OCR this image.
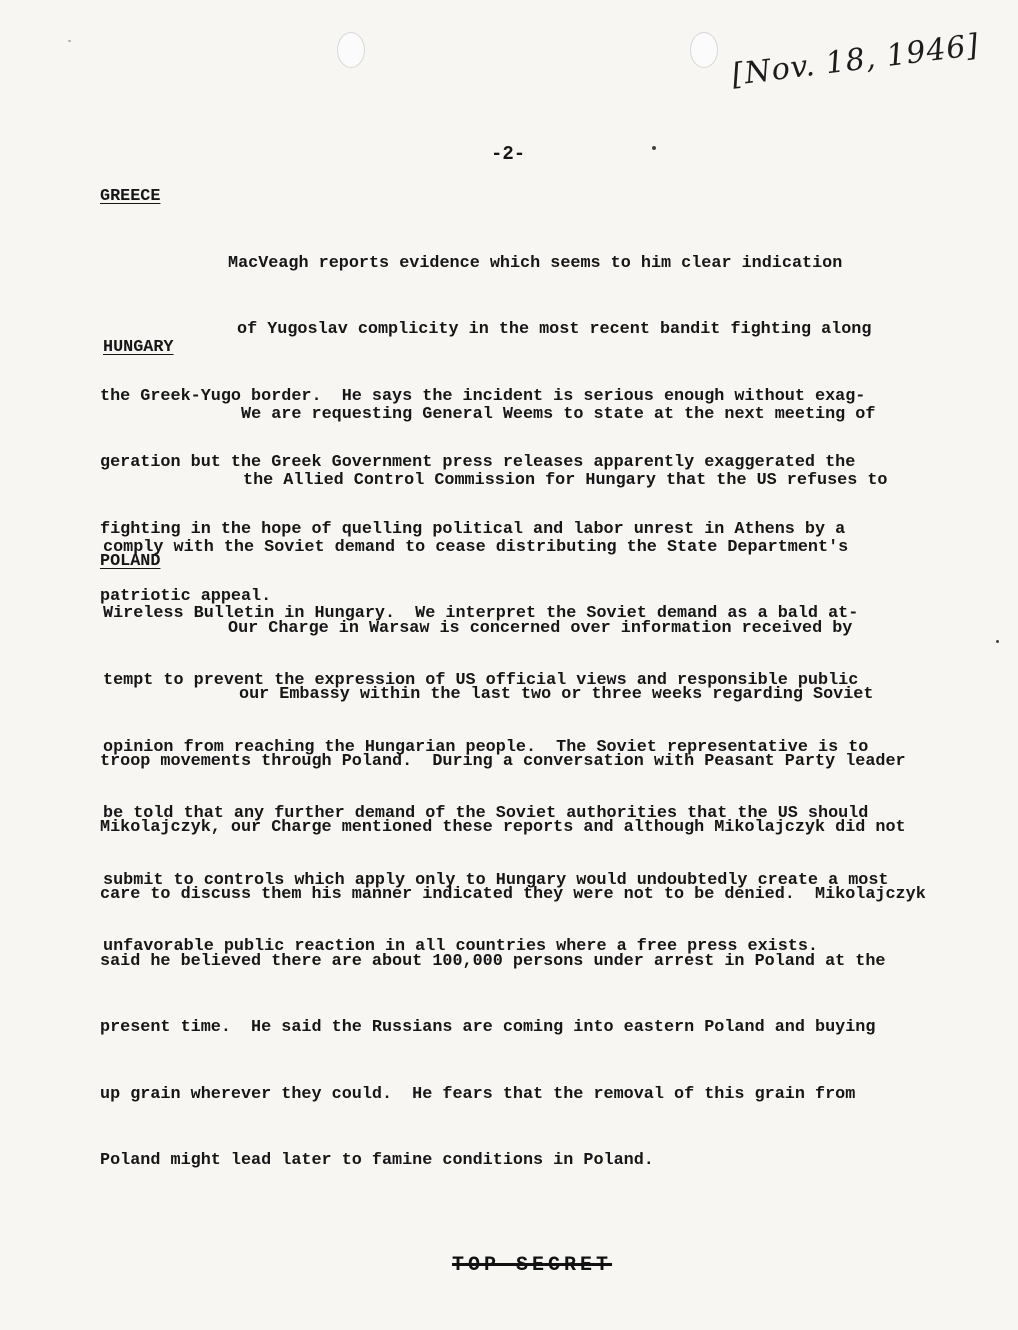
[Nov. 18, 1946]
-2-

GREECE

MacVeagh reports evidence which seems to him clear indication

of Yugoslav complicity in the most recent bandit fighting along

the Greek-Yugo border.  He says the incident is serious enough without exag-

geration but the Greek Government press releases apparently exaggerated the

fighting in the hope of quelling political and labor unrest in Athens by a

patriotic appeal.

HUNGARY

We are requesting General Weems to state at the next meeting of

the Allied Control Commission for Hungary that the US refuses to

comply with the Soviet demand to cease distributing the State Department's

Wireless Bulletin in Hungary.  We interpret the Soviet demand as a bald at-

tempt to prevent the expression of US official views and responsible public

opinion from reaching the Hungarian people.  The Soviet representative is to

be told that any further demand of the Soviet authorities that the US should

submit to controls which apply only to Hungary would undoubtedly create a most

unfavorable public reaction in all countries where a free press exists.

POLAND

Our Charge in Warsaw is concerned over information received by

our Embassy within the last two or three weeks regarding Soviet

troop movements through Poland.  During a conversation with Peasant Party leader

Mikolajczyk, our Charge mentioned these reports and although Mikolajczyk did not

care to discuss them his manner indicated they were not to be denied.  Mikolajczyk

said he believed there are about 100,000 persons under arrest in Poland at the

present time.  He said the Russians are coming into eastern Poland and buying

up grain wherever they could.  He fears that the removal of this grain from

Poland might lead later to famine conditions in Poland.

TOP SECRET
